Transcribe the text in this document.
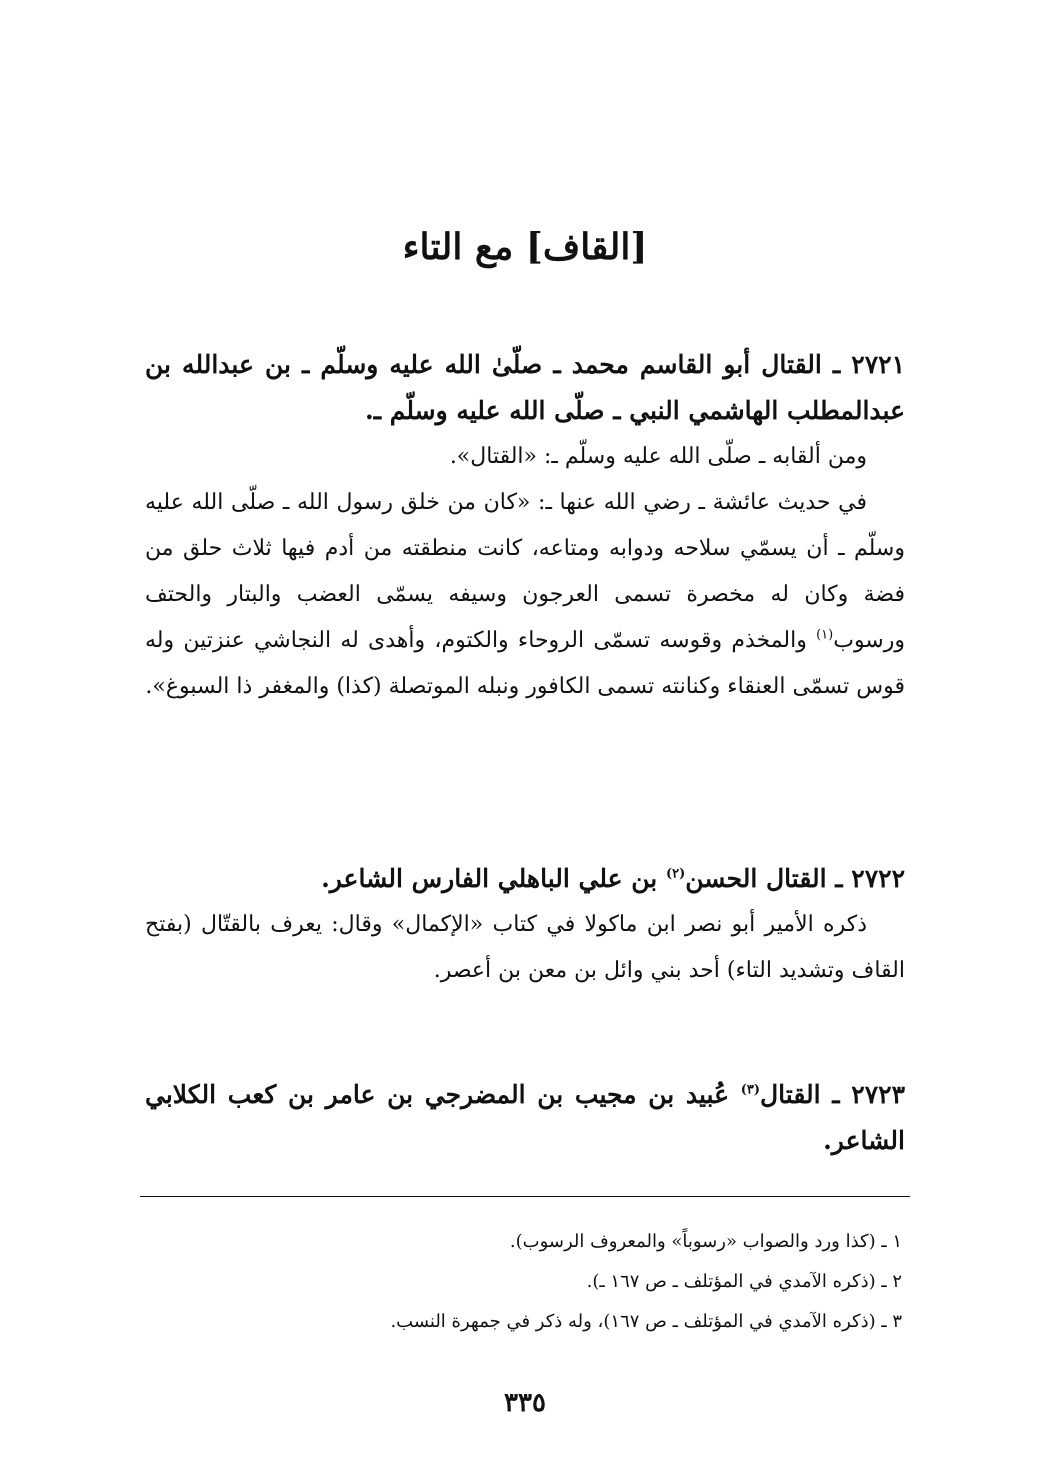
[القاف] مع التاء

٢٧٢١ ـ القتال أبو القاسم محمد ـ صلّىٰ الله عليه وسلّم ـ بن عبدالله بن عبدالمطلب الهاشمي النبي ـ صلّى الله عليه وسلّم ـ.

ومن ألقابه ـ صلّى الله عليه وسلّم ـ: «القتال».

في حديث عائشة ـ رضي الله عنها ـ: «كان من خلق رسول الله ـ صلّى الله عليه وسلّم ـ أن يسمّي سلاحه ودوابه ومتاعه، كانت منطقته من أدم فيها ثلاث حلق من فضة وكان له مخصرة تسمى العرجون وسيفه يسمّى العضب والبتار والحتف ورسوب$^{(١)}$ والمخذم وقوسه تسمّى الروحاء والكتوم، وأهدى له النجاشي عنزتين وله قوس تسمّى العنقاء وكنانته تسمى الكافور ونبله الموتصلة (كذا) والمغفر ذا السبوغ».

٢٧٢٢ ـ القتال الحسن$^{(٢)}$ بن علي الباهلي الفارس الشاعر.

ذكره الأمير أبو نصر ابن ماكولا في كتاب «الإكمال» وقال: يعرف بالقتّال (بفتح القاف وتشديد التاء) أحد بني وائل بن معن بن أعصر.

٢٧٢٣ ـ القتال$^{(٣)}$ عُبيد بن مجيب بن المضرجي بن عامر بن كعب الكلابي الشاعر.

١ ـ (كذا ورد والصواب «رسوباً» والمعروف الرسوب).
٢ ـ (ذكره الآمدي في المؤتلف ـ ص ١٦٧ ـ).
٣ ـ (ذكره الآمدي في المؤتلف ـ ص ١٦٧)، وله ذكر في جمهرة النسب.
٣٣٥
